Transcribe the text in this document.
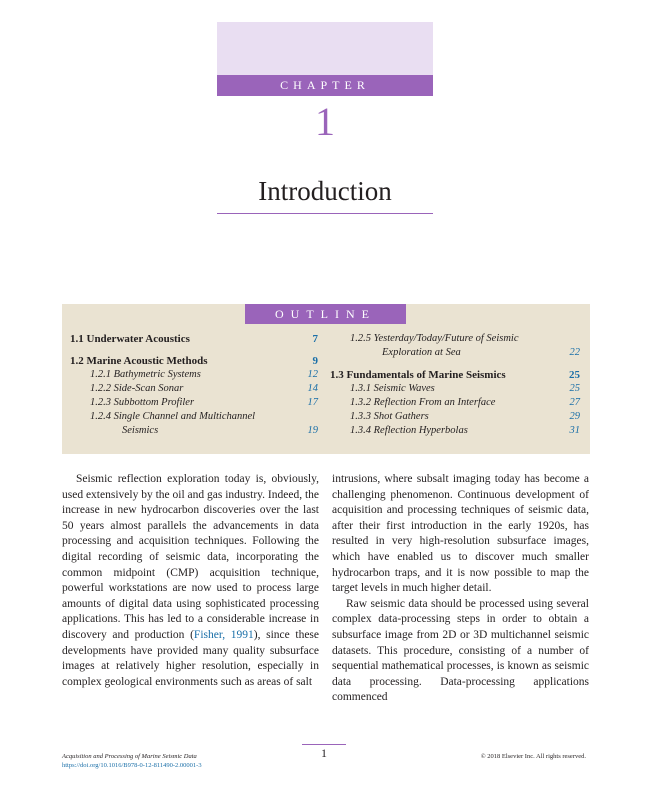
CHAPTER
1
Introduction
OUTLINE
1.1 Underwater Acoustics	7
1.2 Marine Acoustic Methods	9
1.2.1 Bathymetric Systems	12
1.2.2 Side-Scan Sonar	14
1.2.3 Subbottom Profiler	17
1.2.4 Single Channel and Multichannel
Seismics	19
1.2.5 Yesterday/Today/Future of Seismic
Exploration at Sea	22
1.3 Fundamentals of Marine Seismics	25
1.3.1 Seismic Waves	25
1.3.2 Reflection From an Interface	27
1.3.3 Shot Gathers	29
1.3.4 Reflection Hyperbolas	31

Seismic reflection exploration today is, obviously, used extensively by the oil and gas industry. Indeed, the increase in new hydrocarbon discoveries over the last 50 years almost parallels the advancements in data processing and acquisition techniques. Following the digital recording of seismic data, incorporating the common midpoint (CMP) acquisition technique, powerful workstations are now used to process large amounts of digital data using sophisticated processing applications. This has led to a considerable increase in discovery and production (Fisher, 1991), since these developments have provided many quality subsurface images at relatively higher resolution, especially in complex geological environments such as areas of salt

intrusions, where subsalt imaging today has become a challenging phenomenon. Continuous development of acquisition and processing techniques of seismic data, after their first introduction in the early 1920s, has resulted in very high-resolution subsurface images, which have enabled us to discover much smaller hydrocarbon traps, and it is now possible to map the target levels in much higher detail.

Raw seismic data should be processed using several complex data-processing steps in order to obtain a subsurface image from 2D or 3D multichannel seismic datasets. This procedure, consisting of a number of sequential mathematical processes, is known as seismic data processing. Data-processing applications commenced

1
Acquisition and Processing of Marine Seismic Data
https://doi.org/10.1016/B978-0-12-811490-2.00001-3
© 2018 Elsevier Inc. All rights reserved.
